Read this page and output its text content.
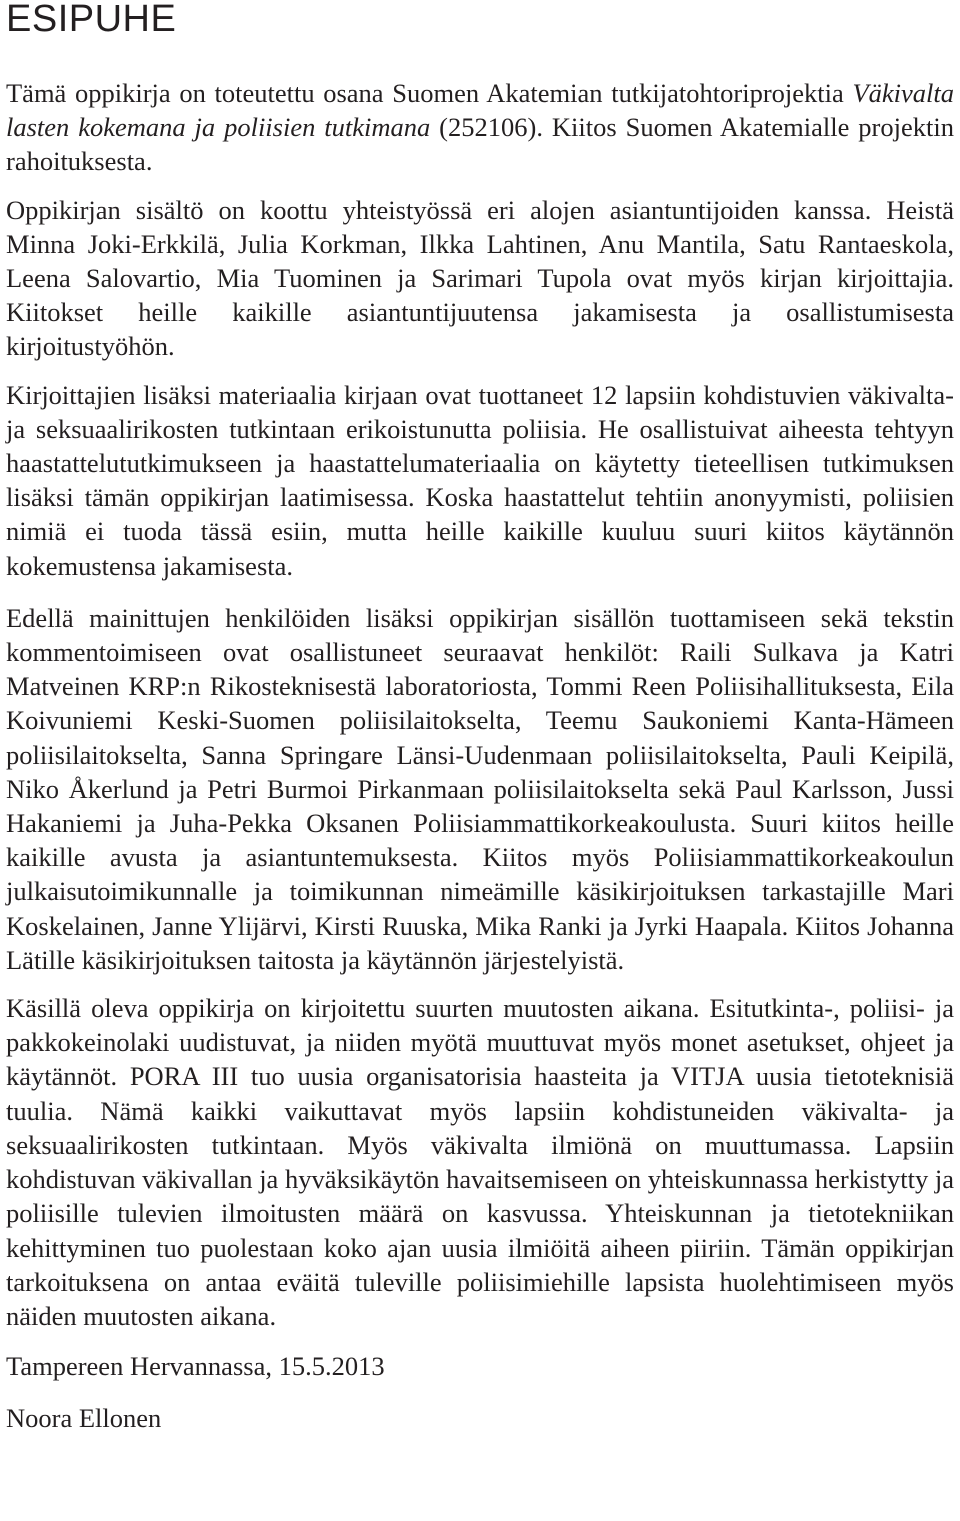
ESIPUHE

Tämä oppikirja on toteutettu osana Suomen Akatemian tutkijatohtoriprojektia Väkivalta lasten kokemana ja poliisien tutkimana (252106). Kiitos Suomen Akatemialle projektin rahoituksesta.

Oppikirjan sisältö on koottu yhteistyössä eri alojen asiantuntijoiden kanssa. Heistä Minna Joki-Erkkilä, Julia Korkman, Ilkka Lahtinen, Anu Mantila, Satu Rantaeskola, Leena Salovartio, Mia Tuominen ja Sarimari Tupola ovat myös kirjan kirjoittajia. Kiitokset heille kaikille asiantuntijuutensa jakamisesta ja osallistumisesta kirjoitustyöhön.

Kirjoittajien lisäksi materiaalia kirjaan ovat tuottaneet 12 lapsiin kohdistuvien väkivalta- ja seksuaalirikosten tutkintaan erikoistunutta poliisia. He osallistuivat aiheesta tehtyyn haastattelututkimukseen ja haastattelumateriaalia on käytetty tieteellisen tutkimuksen lisäksi tämän oppikirjan laatimisessa. Koska haastattelut tehtiin anonyymisti, poliisien nimiä ei tuoda tässä esiin, mutta heille kaikille kuuluu suuri kiitos käytännön kokemustensa jakamisesta.

Edellä mainittujen henkilöiden lisäksi oppikirjan sisällön tuottamiseen sekä tekstin kommentoimiseen ovat osallistuneet seuraavat henkilöt: Raili Sulkava ja Katri Matveinen KRP:n Rikosteknisestä laboratoriosta, Tommi Reen Poliisihallituksesta, Eila Koivuniemi Keski-Suomen poliisilaitokselta, Teemu Saukoniemi Kanta-Hämeen poliisilaitokselta, Sanna Springare Länsi-Uudenmaan poliisilaitokselta, Pauli Keipilä, Niko Åkerlund ja Petri Burmoi Pirkanmaan poliisilaitokselta sekä Paul Karlsson, Jussi Hakaniemi ja Juha-Pekka Oksanen Poliisiammattikorkeakoulusta. Suuri kiitos heille kaikille avusta ja asiantuntemuksesta. Kiitos myös Poliisiammattikorkeakoulun julkaisutoimikunnalle ja toimikunnan nimeämille käsikirjoituksen tarkastajille Mari Koskelainen, Janne Ylijärvi, Kirsti Ruuska, Mika Ranki ja Jyrki Haapala. Kiitos Johanna Lätille käsikirjoituksen taitosta ja käytännön järjestelyistä.

Käsillä oleva oppikirja on kirjoitettu suurten muutosten aikana. Esitutkinta-, poliisi- ja pakkokeinolaki uudistuvat, ja niiden myötä muuttuvat myös monet asetukset, ohjeet ja käytännöt. PORA III tuo uusia organisatorisia haasteita ja VITJA uusia tietoteknisiä tuulia. Nämä kaikki vaikuttavat myös lapsiin kohdistuneiden väkivalta- ja seksuaalirikosten tutkintaan. Myös väkivalta ilmiönä on muuttumassa. Lapsiin kohdistuvan väkivallan ja hyväksikäytön havaitsemiseen on yhteiskunnassa herkistytty ja poliisille tulevien ilmoitusten määrä on kasvussa. Yhteiskunnan ja tietotekniikan kehittyminen tuo puolestaan koko ajan uusia ilmiöitä aiheen piiriin. Tämän oppikirjan tarkoituksena on antaa eväitä tuleville poliisimiehille lapsista huolehtimiseen myös näiden muutosten aikana.

Tampereen Hervannassa, 15.5.2013

Noora Ellonen
